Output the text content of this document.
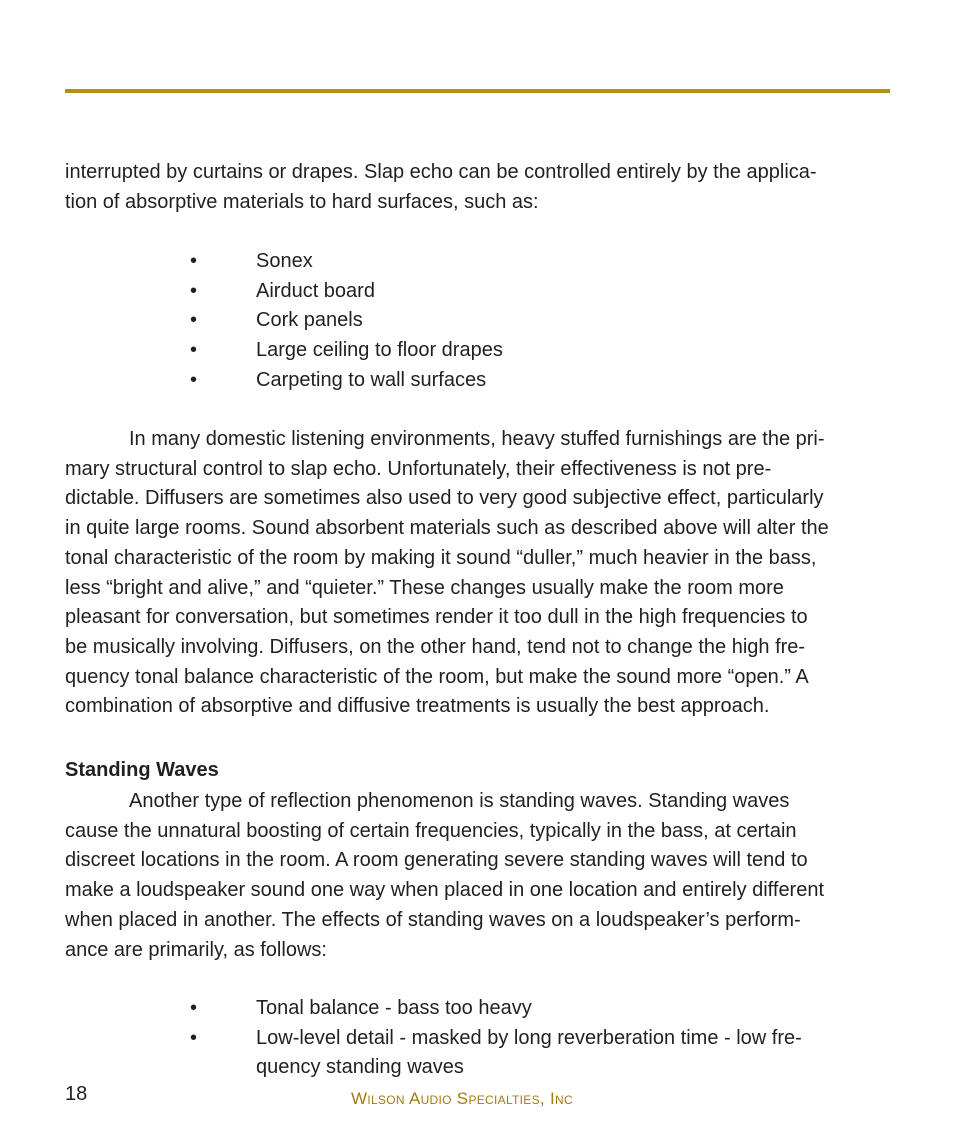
interrupted by curtains or drapes. Slap echo can be controlled entirely by the applica-
tion of absorptive materials to hard surfaces, such as:

•	Sonex
•	Airduct board
•	Cork panels
•	Large ceiling to floor drapes
•	Carpeting to wall surfaces

In many domestic listening environments, heavy stuffed furnishings are the pri-
mary structural control to slap echo. Unfortunately, their effectiveness is not pre-
dictable. Diffusers are sometimes also used to very good subjective effect, particularly
in quite large rooms. Sound absorbent materials such as described above will alter the
tonal characteristic of the room by making it sound “duller,” much heavier in the bass,
less “bright and alive,” and “quieter.” These changes usually make the room more
pleasant for conversation, but sometimes render it too dull in the high frequencies to
be musically involving. Diffusers, on the other hand, tend not to change the high fre-
quency tonal balance characteristic of the room, but make the sound more “open.” A
combination of absorptive and diffusive treatments is usually the best approach.

Standing Waves

Another type of reflection phenomenon is standing waves. Standing waves
cause the unnatural boosting of certain frequencies, typically in the bass, at certain
discreet locations in the room. A room generating severe standing waves will tend to
make a loudspeaker sound one way when placed in one location and entirely different
when placed in another. The effects of standing waves on a loudspeaker’s perform-
ance are primarily, as follows:

•	Tonal balance - bass too heavy
•	Low-level detail - masked by long reverberation time - low fre-
quency standing waves
18	Wilson Audio Specialties, Inc
